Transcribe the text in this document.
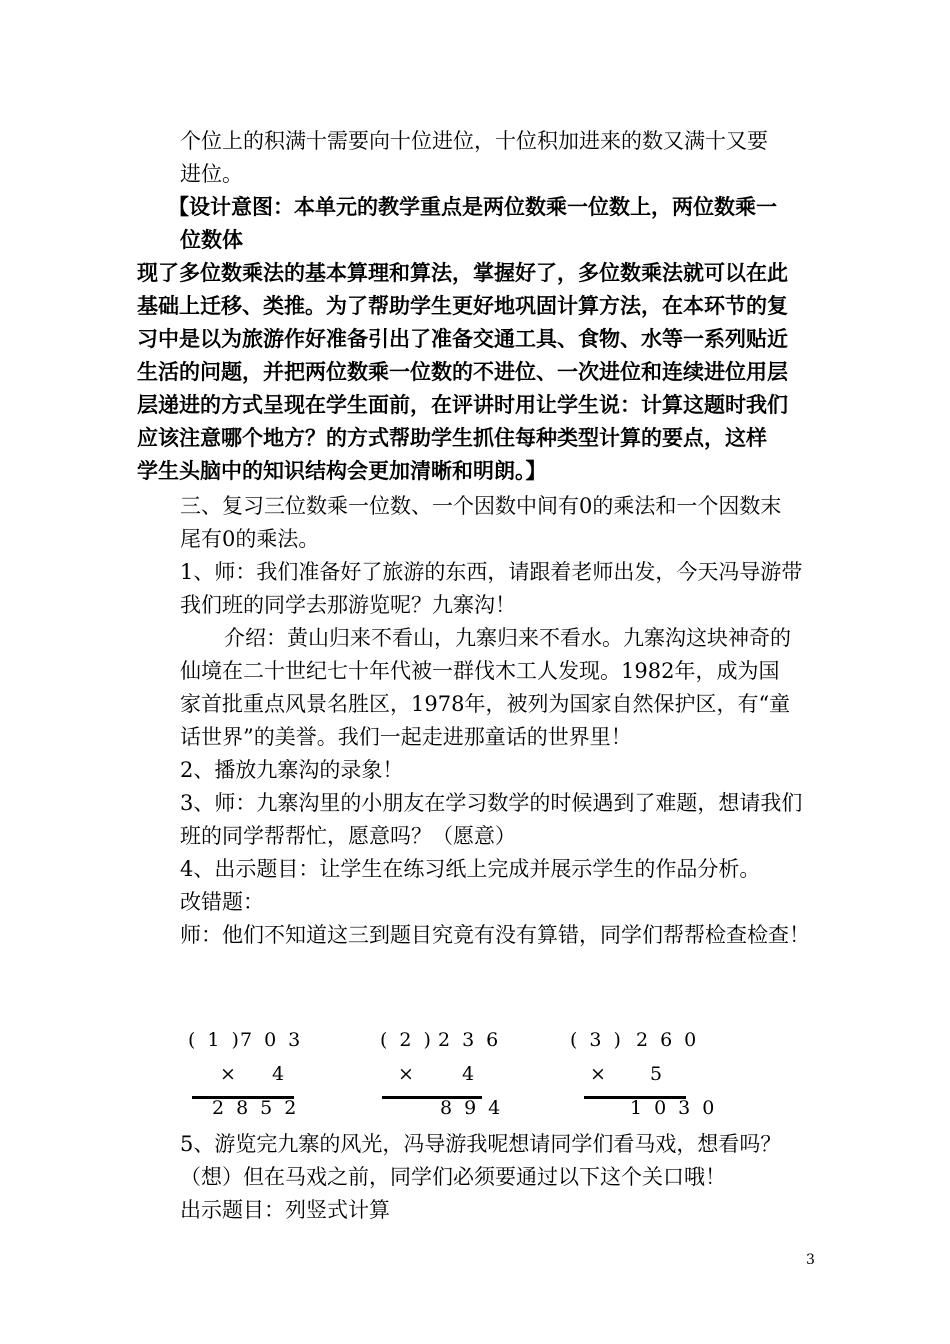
个位上的积满十需要向十位进位，十位积加进来的数又满十又要
进位。
【设计意图：本单元的教学重点是两位数乘一位数上，两位数乘一
位数体
现了多位数乘法的基本算理和算法，掌握好了，多位数乘法就可以在此
基础上迁移、类推。为了帮助学生更好地巩固计算方法，在本环节的复
习中是以为旅游作好准备引出了准备交通工具、食物、水等一系列贴近
生活的问题，并把两位数乘一位数的不进位、一次进位和连续进位用层
层递进的方式呈现在学生面前，在评讲时用让学生说：计算这题时我们
应该注意哪个地方？的方式帮助学生抓住每种类型计算的要点，这样
学生头脑中的知识结构会更加清晰和明朗。】
三、复习三位数乘一位数、一个因数中间有0的乘法和一个因数末
尾有0的乘法。
1、师：我们准备好了旅游的东西，请跟着老师出发，今天冯导游带
我们班的同学去那游览呢？九寨沟！
介绍：黄山归来不看山，九寨归来不看水。九寨沟这块神奇的
仙境在二十世纪七十年代被一群伐木工人发现。1982年，成为国
家首批重点风景名胜区，1978年，被列为国家自然保护区，有“童
话世界”的美誉。我们一起走进那童话的世界里！
2、播放九寨沟的录象！
3、师：九寨沟里的小朋友在学习数学的时候遇到了难题，想请我们
班的同学帮帮忙，愿意吗？（愿意）
4、出示题目：让学生在练习纸上完成并展示学生的作品分析。
改错题：
师：他们不知道这三到题目究竟有没有算错，同学们帮帮检查检查！
(1)
703
× 4
2852
(2)
236
× 4
894
(3) 260
× 5
1030
5、游览完九寨的风光，冯导游我呢想请同学们看马戏，想看吗？
（想）但在马戏之前，同学们必须要通过以下这个关口哦！
出示题目：列竖式计算
3
